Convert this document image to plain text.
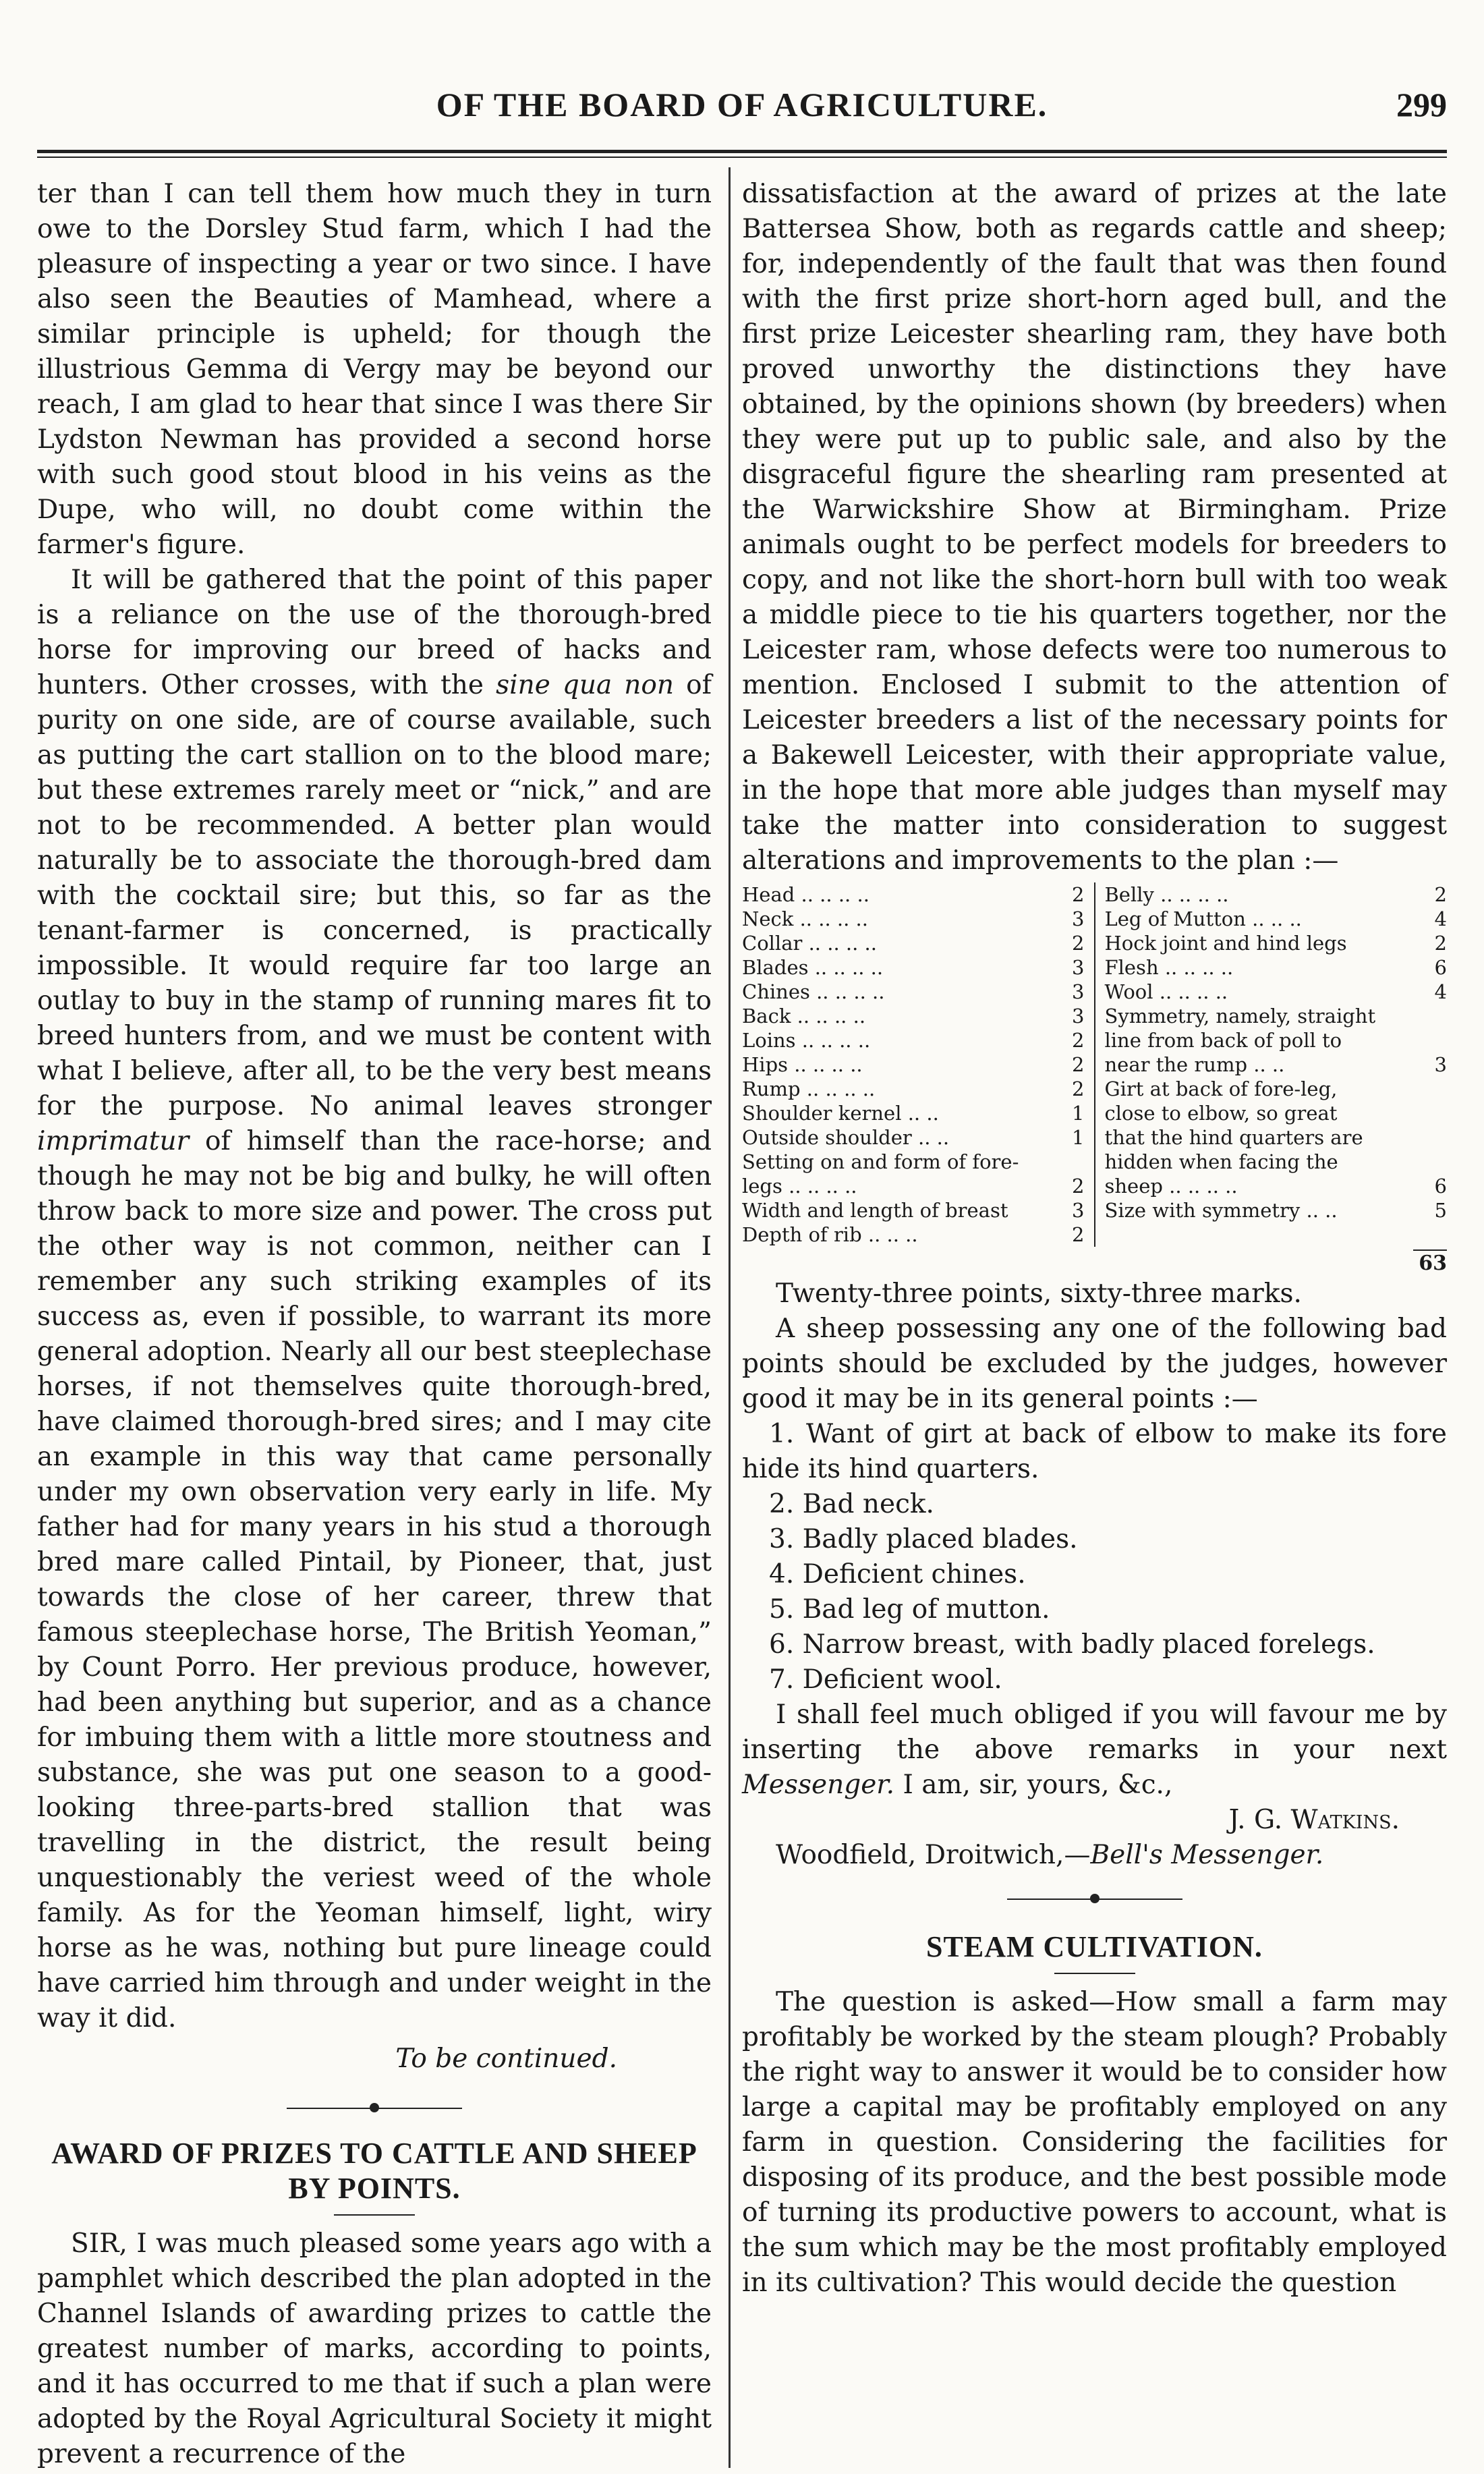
OF THE BOARD OF AGRICULTURE.	299

ter than I can tell them how much they in turn owe to the Dorsley Stud farm, which I had the pleasure of inspecting a year or two since. I have also seen the Beauties of Mamhead, where a similar principle is upheld; for though the illustrious Gemma di Vergy may be beyond our reach, I am glad to hear that since I was there Sir Lydston Newman has provided a second horse with such good stout blood in his veins as the Dupe, who will, no doubt come within the farmer's figure.

It will be gathered that the point of this paper is a reliance on the use of the thorough-bred horse for improving our breed of hacks and hunters. Other crosses, with the sine qua non of purity on one side, are of course available, such as putting the cart stallion on to the blood mare; but these extremes rarely meet or “nick,” and are not to be recommended. A better plan would naturally be to associate the thorough-bred dam with the cocktail sire; but this, so far as the tenant-farmer is concerned, is practically impossible. It would require far too large an outlay to buy in the stamp of running mares fit to breed hunters from, and we must be content with what I believe, after all, to be the very best means for the purpose. No animal leaves stronger imprimatur of himself than the race-horse; and though he may not be big and bulky, he will often throw back to more size and power. The cross put the other way is not common, neither can I remember any such striking examples of its success as, even if possible, to warrant its more general adoption. Nearly all our best steeplechase horses, if not themselves quite thorough-bred, have claimed thorough-bred sires; and I may cite an example in this way that came personally under my own observation very early in life. My father had for many years in his stud a thorough bred mare called Pintail, by Pioneer, that, just towards the close of her career, threw that famous steeplechase horse, The British Yeoman,” by Count Porro. Her previous produce, however, had been anything but superior, and as a chance for imbuing them with a little more stoutness and substance, she was put one season to a good-looking three-parts-bred stallion that was travelling in the district, the result being unquestionably the veriest weed of the whole family. As for the Yeoman himself, light, wiry horse as he was, nothing but pure lineage could have carried him through and under weight in the way it did.

To be continued.
AWARD OF PRIZES TO CATTLE AND SHEEP BY POINTS.

SIR, I was much pleased some years ago with a pamphlet which described the plan adopted in the Channel Islands of awarding prizes to cattle the greatest number of marks, according to points, and it has occurred to me that if such a plan were adopted by the Royal Agricultural Society it might prevent a recurrence of the

dissatisfaction at the award of prizes at the late Battersea Show, both as regards cattle and sheep; for, independently of the fault that was then found with the first prize short-horn aged bull, and the first prize Leicester shearling ram, they have both proved unworthy the distinctions they have obtained, by the opinions shown (by breeders) when they were put up to public sale, and also by the disgraceful figure the shearling ram presented at the Warwickshire Show at Birmingham. Prize animals ought to be perfect models for breeders to copy, and not like the short-horn bull with too weak a middle piece to tie his quarters together, nor the Leicester ram, whose defects were too numerous to mention. Enclosed I submit to the attention of Leicester breeders a list of the necessary points for a Bakewell Leicester, with their appropriate value, in the hope that more able judges than myself may take the matter into consideration to suggest alterations and improvements to the plan :—

Head .. .. .. ..	2
Neck .. .. .. ..	3
Collar .. .. .. ..	2
Blades .. .. .. ..	3
Chines .. .. .. ..	3
Back .. .. .. ..	3
Loins .. .. .. ..	2
Hips .. .. .. ..	2
Rump .. .. .. ..	2
Shoulder kernel .. ..	1
Outside shoulder .. ..	1
Setting on and form of fore-
legs .. .. .. ..	2
Width and length of breast	3
Depth of rib .. .. ..	2

Belly .. .. .. ..	2
Leg of Mutton .. .. ..	4
Hock joint and hind legs	2
Flesh .. .. .. ..	6
Wool .. .. .. ..	4
Symmetry, namely, straight
line from back of poll to
near the rump .. ..	3
Girt at back of fore-leg,
close to elbow, so great
that the hind quarters are
hidden when facing the
sheep .. .. .. ..	6
Size with symmetry .. ..	5
63

Twenty-three points, sixty-three marks.

A sheep possessing any one of the following bad points should be excluded by the judges, however good it may be in its general points :—

1. Want of girt at back of elbow to make its fore hide its hind quarters.

2. Bad neck.

3. Badly placed blades.

4. Deficient chines.

5. Bad leg of mutton.

6. Narrow breast, with badly placed forelegs.

7. Deficient wool.

I shall feel much obliged if you will favour me by inserting the above remarks in your next Messenger. I am, sir, yours, &c.,

J. G. Watkins.

Woodfield, Droitwich,—Bell's Messenger.

STEAM CULTIVATION.

The question is asked—How small a farm may profitably be worked by the steam plough? Probably the right way to answer it would be to consider how large a capital may be profitably employed on any farm in question. Considering the facilities for disposing of its produce, and the best possible mode of turning its productive powers to account, what is the sum which may be the most profitably employed in its cultivation? This would decide the question
